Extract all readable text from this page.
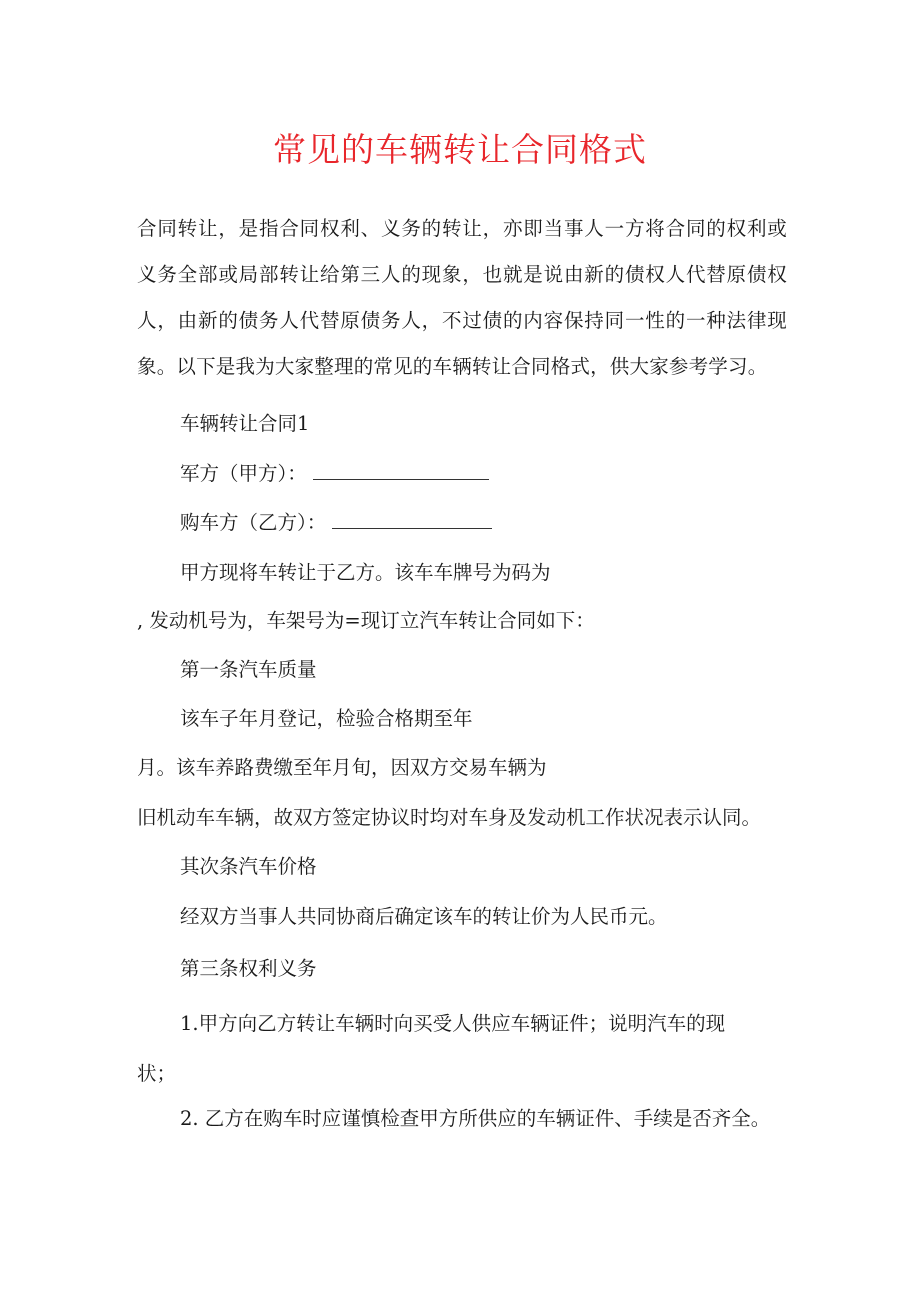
常见的车辆转让合同格式
合同转让，是指合同权利、义务的转让，亦即当事人一方将合同的权利或义务全部或局部转让给第三人的现象，也就是说由新的债权人代替原债权人，由新的债务人代替原债务人，不过债的内容保持同一性的一种法律现象。以下是我为大家整理的常见的车辆转让合同格式，供大家参考学习。
车辆转让合同1
军方（甲方）：
购车方（乙方）：
甲方现将车转让于乙方。该车车牌号为码为
, 发动机号为，车架号为=现订立汽车转让合同如下：
第一条汽车质量
该车子年月登记，检验合格期至年
月。该车养路费缴至年月旬，因双方交易车辆为
旧机动车车辆，故双方签定协议时均对车身及发动机工作状况表示认同。
其次条汽车价格
经双方当事人共同协商后确定该车的转让价为人民币元。
第三条权利义务
1.甲方向乙方转让车辆时向买受人供应车辆证件；说明汽车的现
状；
2. 乙方在购车时应谨慎检查甲方所供应的车辆证件、手续是否齐全。
